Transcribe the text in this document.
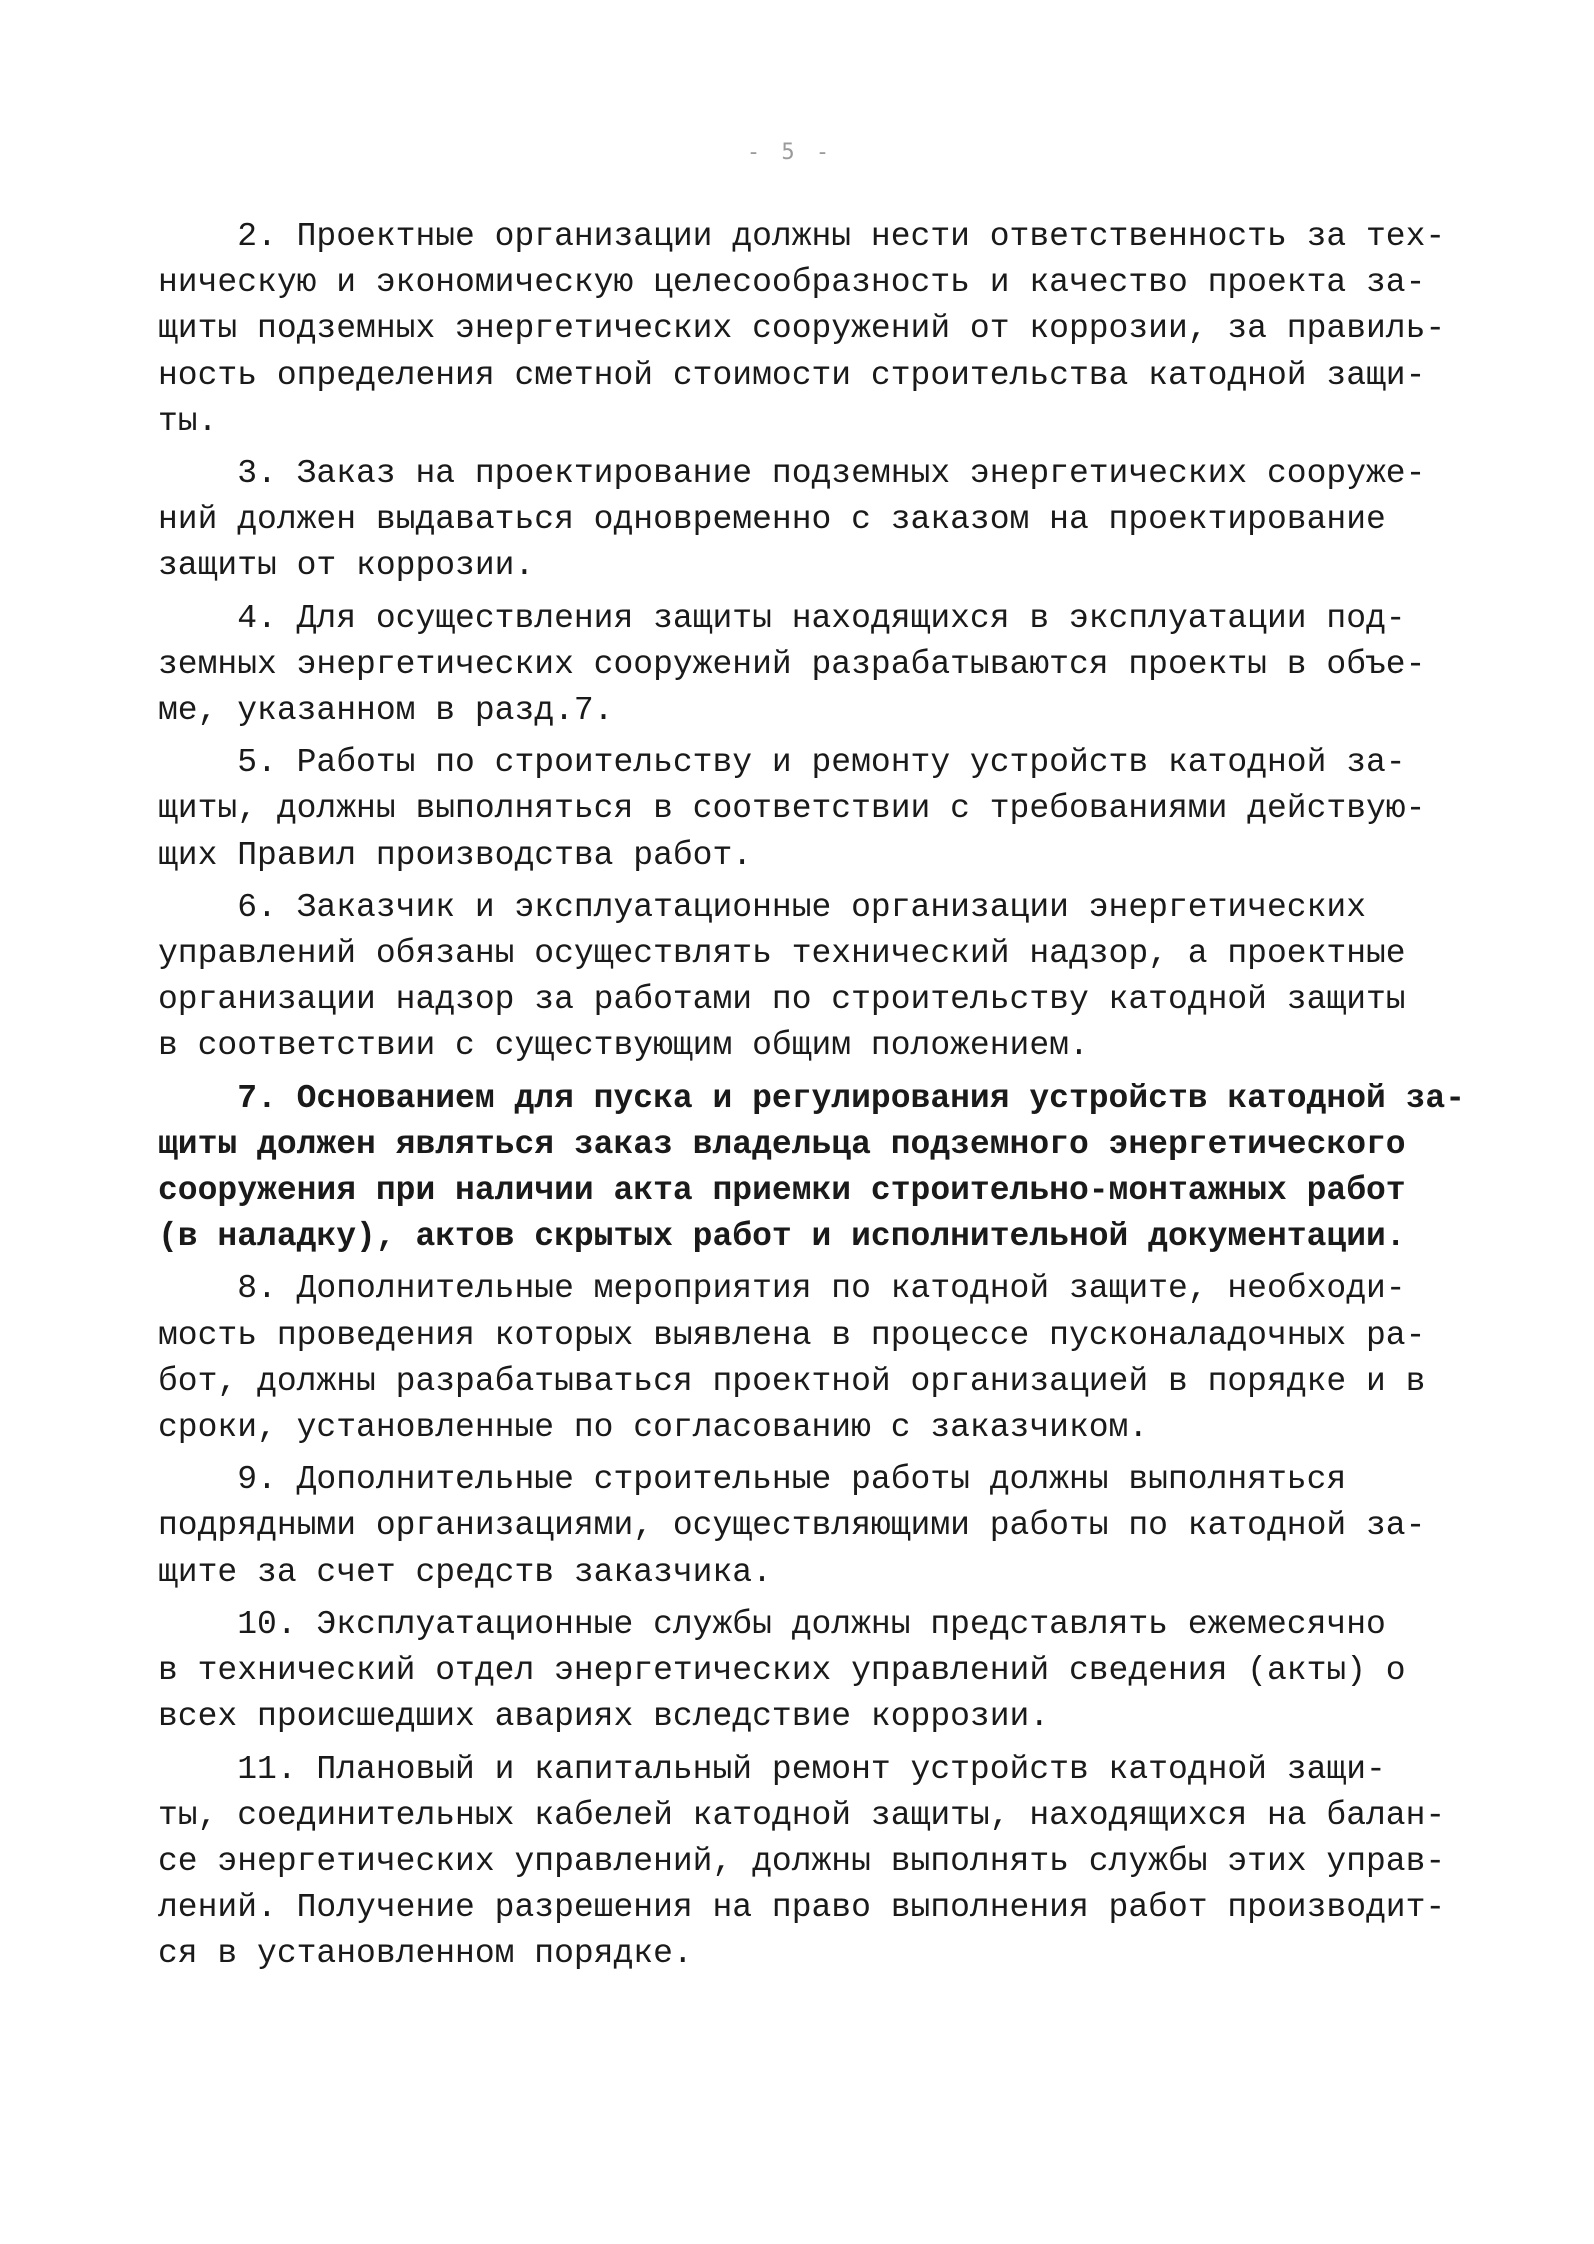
- 5 -
2. Проектные организации должны нести ответственность за тех-
ническую и экономическую целесообразность и качество проекта за-
щиты подземных энергетических сооружений от коррозии, за правиль-
ность определения сметной стоимости строительства катодной защи-
ты.
3. Заказ на проектирование подземных энергетических сооруже-
ний должен выдаваться одновременно с заказом на проектирование
защиты от коррозии.
4. Для осуществления защиты находящихся в эксплуатации под-
земных энергетических сооружений разрабатываются проекты в объе-
ме, указанном в разд.7.
5. Работы по строительству и ремонту устройств катодной за-
щиты, должны выполняться в соответствии с требованиями действую-
щих Правил производства работ.
6. Заказчик и эксплуатационные организации энергетических
управлений обязаны осуществлять технический надзор, а проектные
организации надзор за работами по строительству катодной защиты
в соответствии с существующим общим положением.
7. Основанием для пуска и регулирования устройств катодной за-
щиты должен являться заказ владельца подземного энергетического
сооружения при наличии акта приемки строительно-монтажных работ
(в наладку), актов скрытых работ и исполнительной документации.
8. Дополнительные мероприятия по катодной защите, необходи-
мость проведения которых выявлена в процессе пусконаладочных ра-
бот, должны разрабатываться проектной организацией в порядке и в
сроки, установленные по согласованию с заказчиком.
9. Дополнительные строительные работы должны выполняться
подрядными организациями, осуществляющими работы по катодной за-
щите за счет средств заказчика.
10. Эксплуатационные службы должны представлять ежемесячно
в технический отдел энергетических управлений сведения (акты) о
всех происшедших авариях вследствие коррозии.
11. Плановый и капитальный ремонт устройств катодной защи-
ты, соединительных кабелей катодной защиты, находящихся на балан-
се энергетических управлений, должны выполнять службы этих управ-
лений. Получение разрешения на право выполнения работ производит-
ся в установленном порядке.
